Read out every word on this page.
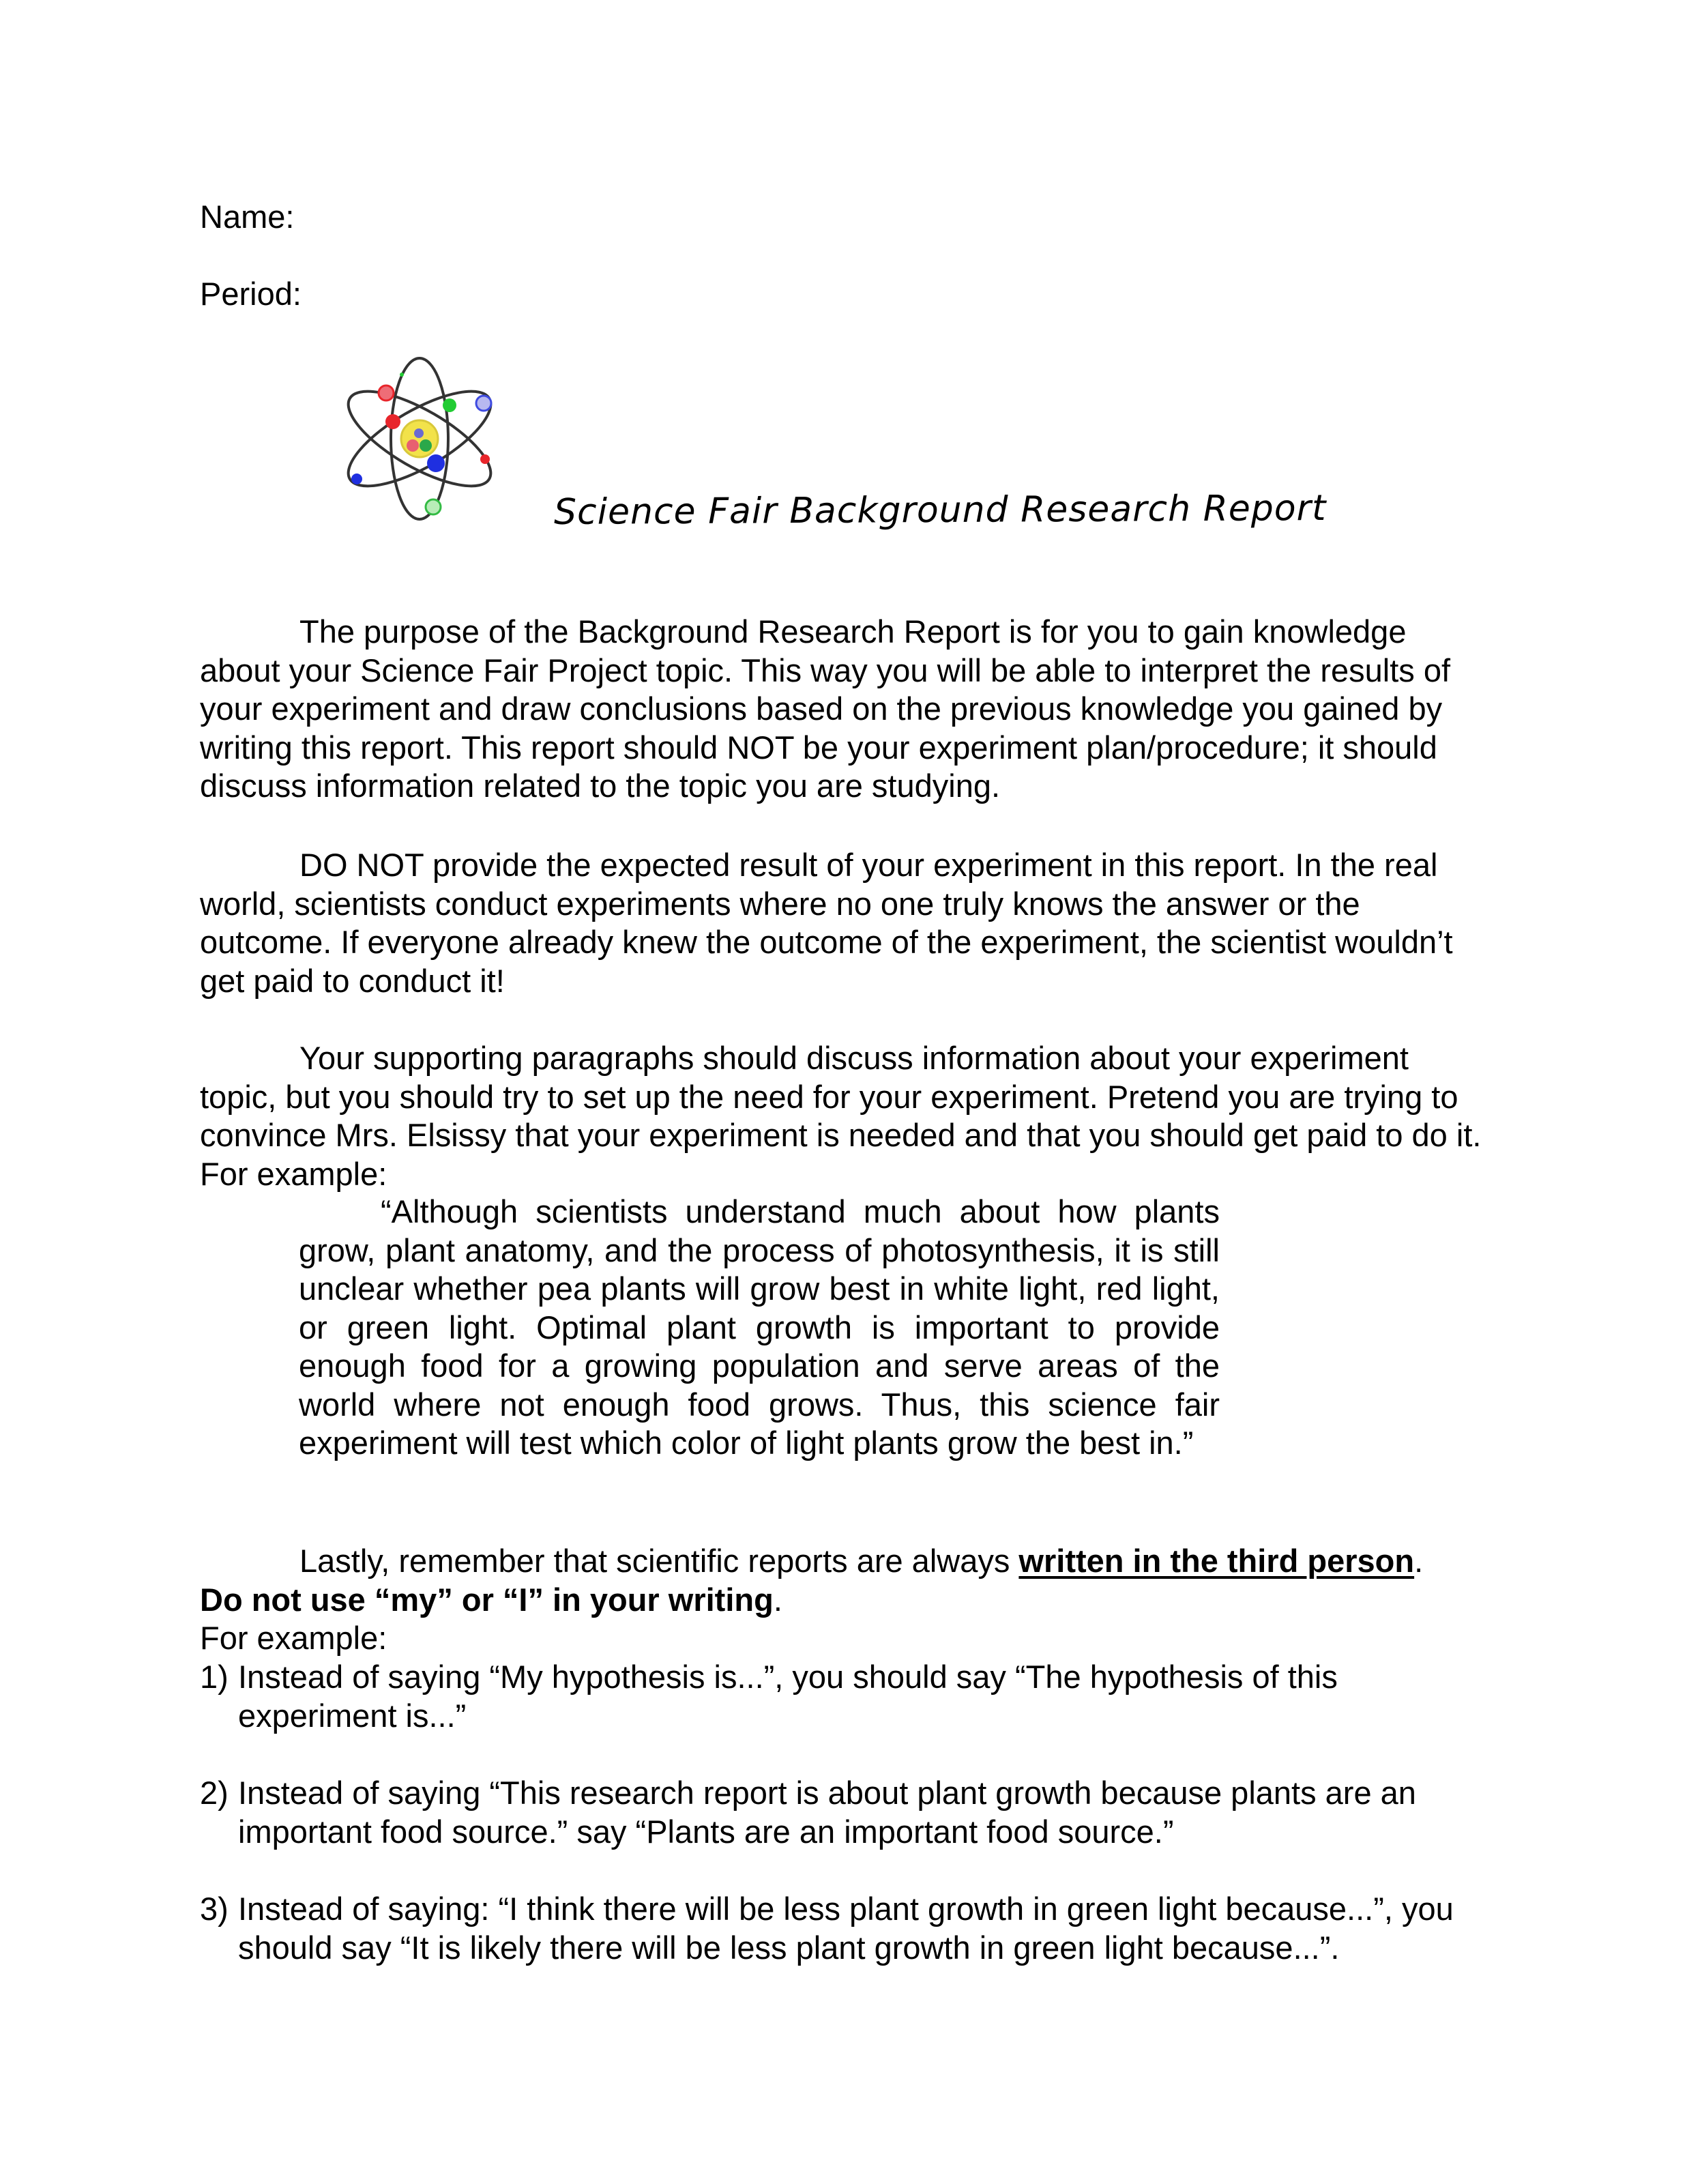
Name:
Period:
Science Fair Background Research Report

The purpose of the Background Research Report is for you to gain knowledge about your Science Fair Project topic. This way you will be able to interpret the results of your experiment and draw conclusions based on the previous knowledge you gained by writing this report. This report should NOT be your experiment plan/procedure; it should discuss information related to the topic you are studying.

DO NOT provide the expected result of your experiment in this report. In the real world, scientists conduct experiments where no one truly knows the answer or the outcome. If everyone already knew the outcome of the experiment, the scientist wouldn’t get paid to conduct it!

Your supporting paragraphs should discuss information about your experiment topic, but you should try to set up the need for your experiment. Pretend you are trying to convince Mrs. Elsissy that your experiment is needed and that you should get paid to do it. For example:

“Although scientists understand much about how plants grow, plant anatomy, and the process of photosynthesis, it is still unclear whether pea plants will grow best in white light, red light, or green light. Optimal plant growth is important to provide enough food for a growing population and serve areas of the world where not enough food grows. Thus, this science fair experiment will test which color of light plants grow the best in.”

Lastly, remember that scientific reports are always written in the third person.
Do not use “my” or “I” in your writing.
For example:

1) Instead of saying “My hypothesis is...”, you should say “The hypothesis of this experiment is...”
2) Instead of saying “This research report is about plant growth because plants are an important food source.” say “Plants are an important food source.”
3) Instead of saying: “I think there will be less plant growth in green light because...”, you should say “It is likely there will be less plant growth in green light because...”.
